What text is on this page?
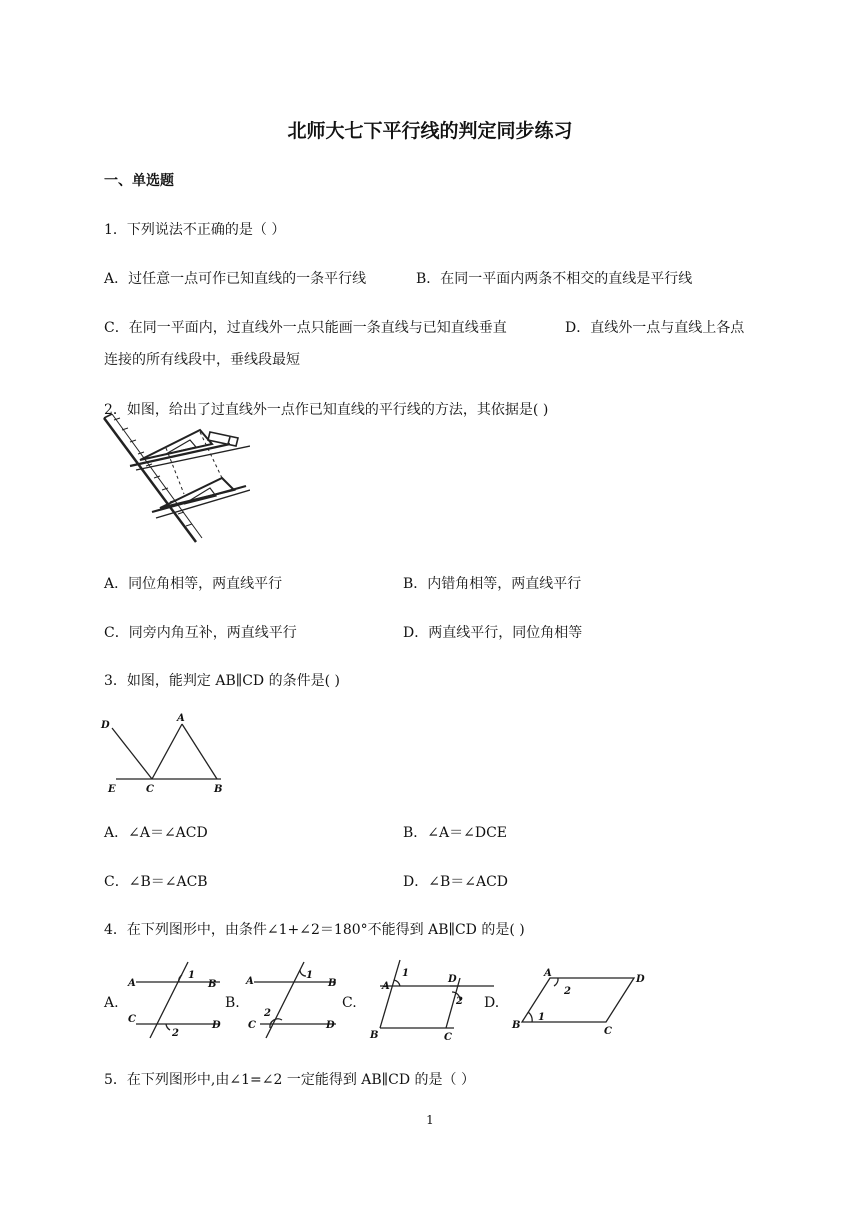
北师大七下平行线的判定同步练习
一、单选题
1．下列说法不正确的是（ ）
A．过任意一点可作已知直线的一条平行线	B．在同一平面内两条不相交的直线是平行线
C．在同一平面内，过直线外一点只能画一条直线与已知直线垂直	D．直线外一点与直线上各点
连接的所有线段中，垂线段最短
2．如图，给出了过直线外一点作已知直线的平行线的方法，其依据是( )
A．同位角相等，两直线平行	B．内错角相等，两直线平行
C．同旁内角互补，两直线平行	D．两直线平行，同位角相等
3．如图，能判定 AB∥CD 的条件是( )
D
A
E	C	B
A．∠A＝∠ACD	B．∠A＝∠DCE
C．∠B＝∠ACB	D．∠B＝∠ACD
4．在下列图形中，由条件∠1+∠2＝180°不能得到 AB∥CD 的是( )
A.
A	B
C
D
1
2
B.
A	B
C	D
1
2
C.
A
1
D
2
B	C
D.
A
D
2
1
B
C
5．在下列图形中,由∠1=∠2 一定能得到 AB∥CD 的是（ ）
1
